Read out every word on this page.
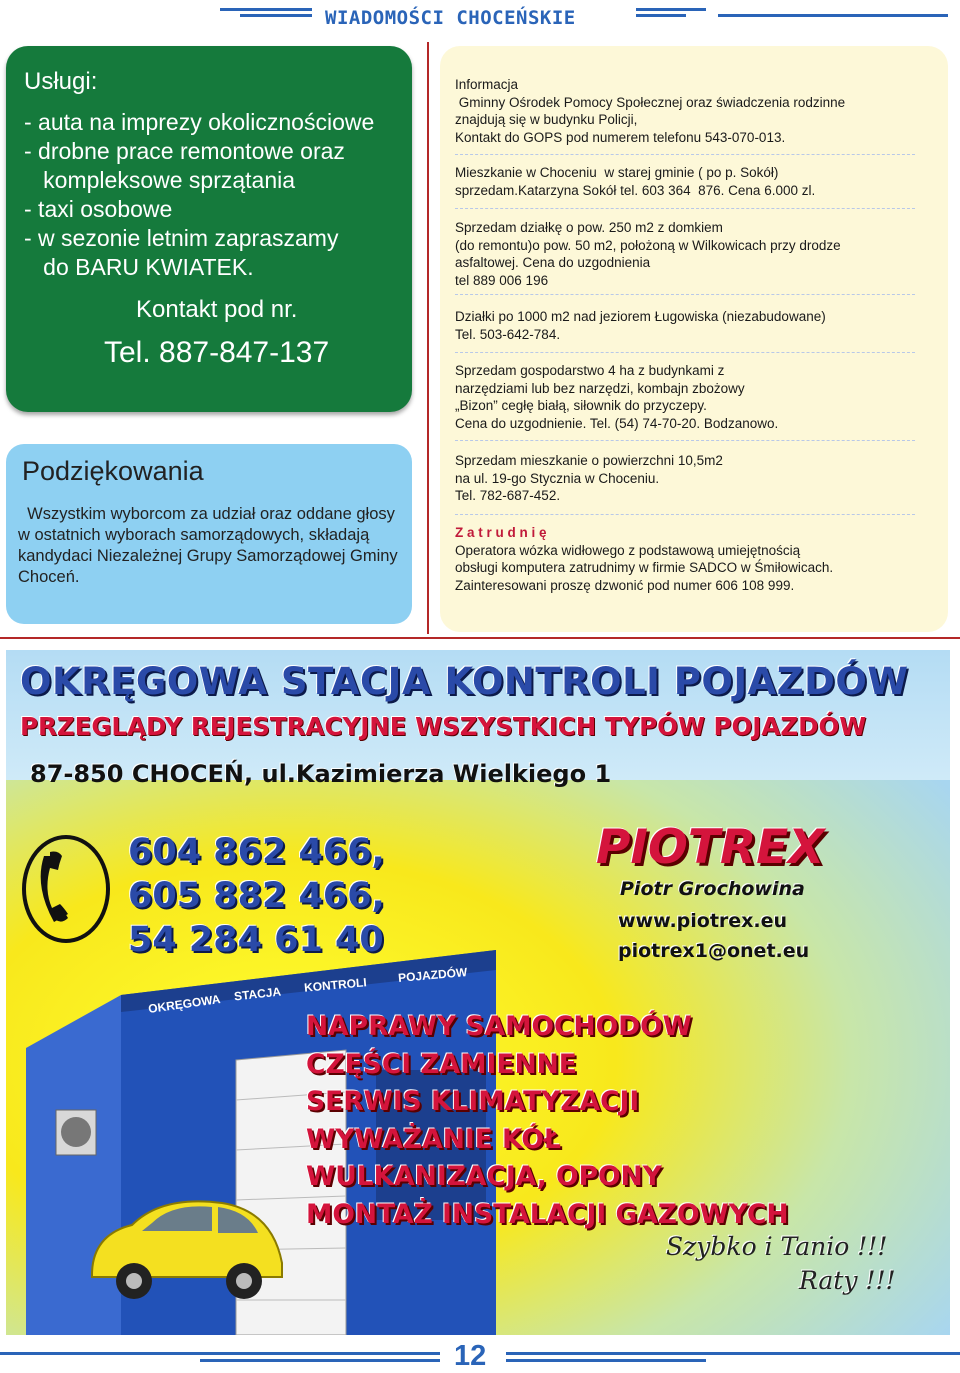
WIADOMOŚCI CHOCEŃSKIE
Usługi:
- auta na imprezy okolicznościowe
- drobne prace remontowe oraz
kompleksowe sprzątania
- taxi osobowe
- w sezonie letnim zapraszamy
do BARU KWIATEK.
Kontakt pod nr.
Tel. 887-847-137
Podziękowania
Wszystkim wyborcom za udział oraz oddane głosy w ostatnich wyborach samorządowych, składają kandydaci Niezależnej Grupy Samorządowej Gminy Choceń.
Informacja
Gminny Ośrodek Pomocy Społecznej oraz świadczenia rodzinne
znajdują się w budynku Policji,
Kontakt do GOPS pod numerem telefonu 543-070-013.
Mieszkanie w Choceniu  w starej gminie ( po p. Sokół)
sprzedam.Katarzyna Sokół tel. 603 364  876. Cena 6.000 zl.
Sprzedam działkę o pow. 250 m2 z domkiem
(do remontu)o pow. 50 m2, położoną w Wilkowicach przy drodze
asfaltowej. Cena do uzgodnienia
tel 889 006 196
Działki po 1000 m2 nad jeziorem Ługowiska (niezabudowane)
Tel. 503-642-784.
Sprzedam gospodarstwo 4 ha z budynkami z
narzędziami lub bez narzędzi, kombajn zbożowy
„Bizon” cegłę białą, siłownik do przyczepy.
Cena do uzgodnienie. Tel. (54) 74-70-20. Bodzanowo.
Sprzedam mieszkanie o powierzchni 10,5m2
na ul. 19-go Stycznia w Choceniu.
Tel. 782-687-452.
Z a t r u d n i ę
Operatora wózka widłowego z podstawową umiejętnością
obsługi komputera zatrudnimy w firmie SADCO w Śmiłowicach.
Zainteresowani proszę dzwonić pod numer 606 108 999.
OKRĘGOWA STACJA KONTROLI POJAZDÓW
PRZEGLĄDY REJESTRACYJNE WSZYSTKICH TYPÓW POJAZDÓW
87-850 CHOCEŃ, ul.Kazimierza Wielkiego 1
604 862 466,
605 882 466,
54 284 61 40
PIOTREX
Piotr Grochowina
www.piotrex.eu
piotrex1@onet.eu
OKRĘGOWA STACJA KONTROLI
POJAZDÓW
NAPRAWY SAMOCHODÓW
CZĘŚCI ZAMIENNE
SERWIS KLIMATYZACJI
WYWAŻANIE KÓŁ
WULKANIZACJA, OPONY
MONTAŻ INSTALACJI GAZOWYCH
Szybko i Tanio !!!
Raty !!!
12
